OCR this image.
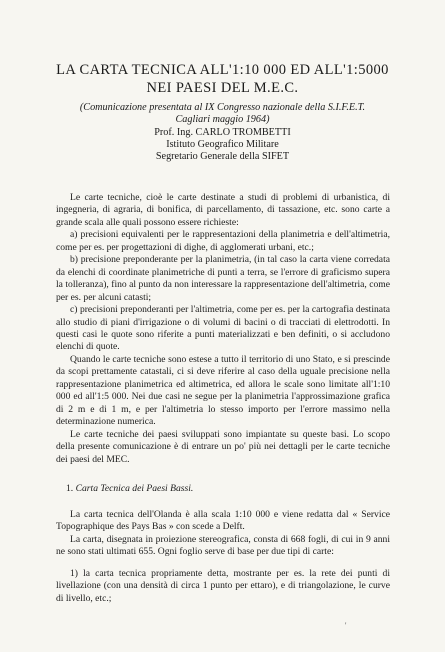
LA CARTA TECNICA ALL'1:10 000 ED ALL'1:5000
NEI PAESI DEL M.E.C.
(Comunicazione presentata al IX Congresso nazionale della S.I.F.E.T.
Cagliari maggio 1964)
Prof. Ing. CARLO TROMBETTI
Istituto Geografico Militare
Segretario Generale della SIFET

Le carte tecniche, cioè le carte destinate a studi di problemi di urbanistica, di ingegneria, di agraria, di bonifica, di parcellamento, di tassazione, etc. sono carte a grande scala alle quali possono essere richieste:

a) precisioni equivalenti per le rappresentazioni della planimetria e dell'altimetria, come per es. per progettazioni di dighe, di agglomerati urbani, etc.;

b) precisione preponderante per la planimetria, (in tal caso la carta viene corredata da elenchi di coordinate planimetriche di punti a terra, se l'errore di graficismo supera la tolleranza), fino al punto da non interessare la rappresentazione dell'altimetria, come per es. per alcuni catasti;

c) precisioni preponderanti per l'altimetria, come per es. per la cartografia destinata allo studio di piani d'irrigazione o di volumi di bacini o di tracciati di elettrodotti. In questi casi le quote sono riferite a punti materializzati e ben definiti, o si accludono elenchi di quote.

Quando le carte tecniche sono estese a tutto il territorio di uno Stato, e si prescinde da scopi prettamente catastali, ci si deve riferire al caso della uguale precisione nella rappresentazione planimetrica ed altimetrica, ed allora le scale sono limitate all'1:10 000 ed all'1:5 000. Nei due casi ne segue per la planimetria l'approssimazione grafica di 2 m e di 1 m, e per l'altimetria lo stesso importo per l'errore massimo nella determinazione numerica.

Le carte tecniche dei paesi sviluppati sono impiantate su queste basi. Lo scopo della presente comunicazione è di entrare un po' più nei dettagli per le carte tecniche dei paesi del MEC.

1. Carta Tecnica dei Paesi Bassi.

La carta tecnica dell'Olanda è alla scala 1:10 000 e viene redatta dal « Service Topographique des Pays Bas » con scede a Delft.

La carta, disegnata in proiezione stereografica, consta di 668 fogli, di cui in 9 anni ne sono stati ultimati 655. Ogni foglio serve di base per due tipi di carte:

1) la carta tecnica propriamente detta, mostrante per es. la rete dei punti di livellazione (con una densità di circa 1 punto per ettaro), e di triangolazione, le curve di livello, etc.;

'
